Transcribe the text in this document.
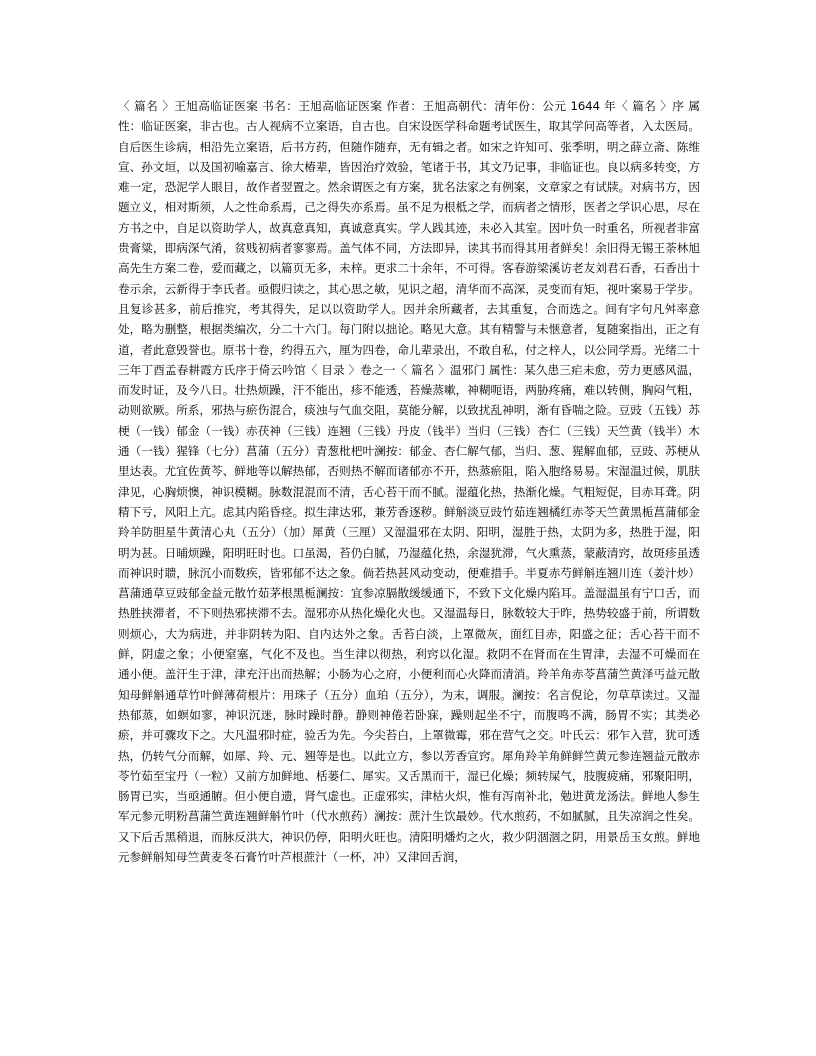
〈 篇名 〉王旭高临证医案 书名：王旭高临证医案 作者：王旭高朝代：清年份：公元 1644 年〈 篇名 〉序 属性：临证医案，非古也。古人视病不立案语，自古也。自宋设医学科命题考试医生，取其学问高等者，入太医局。自后医生诊病，相沿先立案语，后书方药，但随作随弃，无有辑之者。如宋之许知可、张季明，明之薛立斋、陈维宣、孙文垣，以及国初喻嘉言、徐大椿辈，皆因治疗效验，笔诸于书，其文乃记事，非临证也。良以病多转变，方难一定，恐泥学人眼目，故作者翌置之。然余谓医之有方案，犹名法家之有例案，文章家之有试牍。对病书方，因题立义，相对斯须，人之性命系焉，己之得失亦系焉。虽不足为根柢之学，而病者之情形，医者之学识心思，尽在方书之中，自足以资助学人，故真意真知，真诚意真实。学人践其迹，未必入其室。因叶负一时重名，所视者非富贵膏粱，即病深气淆，贫贱初病者寥寥焉。盖气体不同，方法即异，读其书而得其用者鲜矣！余旧得无锡王荼林旭高先生方案二卷，爱而藏之，以篇页无多，未梓。更求二十余年，不可得。客春游梁溪访老友刘君石香，石香出十卷示余，云新得于李氏者。亟假归读之，其心思之敏，见识之超，清华而不高深，灵变而有矩，视叶案易于学步。且复诊甚多，前后推究，考其得失，足以以资助学人。因并余所藏者，去其重复，合而选之。间有字句凡舛率意处，略为删整，根据类编次，分二十六门。每门附以拙论。略见大意。其有精警与未惬意者，复随案指出，正之有道，者此意毁誉也。原书十卷，约得五六，厘为四卷，命儿辈录出，不敢自私，付之梓人，以公同学焉。光绪二十三年丁酉孟春耕霞方氏序于倚云吟馆〈 目录 〉卷之一〈 篇名 〉温邪门 属性：某久患三疟未愈，劳力更感风温，而发时证，及今八日。壮热烦躁，汗不能出，疹不能透，苔燥蒸嗽，神糊呃语，两胁疼痛，难以转侧，胸闷气粗，动则欲厥。所系，邪热与瘀伤混合，痰浊与气血交阻，莫能分解，以致扰乱神明，渐有昏喘之险。豆豉（五钱）苏梗（一钱）郁金（一钱）赤茯神（三钱）连翘（三钱）丹皮（钱半）当归（三钱）杏仁（三钱）天竺黄（钱半）木通（一钱）猩锋（七分）菖蒲（五分）青葱枇杷叶澜按：郁金、杏仁解气郁，当归、葱、猩解血郁，豆豉、苏梗从里达表。尤宜佐黄芩、鲜地等以解热郁，否则热不解而诸郁亦不开，热蒸瘀阻，陷入胞络易易。宋湿温过候，肌肤津见，心胸烦懊，神识模糊。脉数混混而不清，舌心苔干而不腻。湿蕴化热，热渐化燥。气粗短促，目赤耳聋。阴精下亏，风阳上亢。虑其内陷昏痉。拟生津达邪，兼芳香逐秽。鲜斛淡豆豉竹茹连翘橘红赤苓天竺黄黑栀菖蒲郁金羚羊防胆星牛黄清心丸（五分）（加）犀黄（三厘）又湿温邪在太阴、阳明，湿胜于热，太阴为多，热胜于湿，阳明为甚。日晡烦躁，阳明旺时也。口虽渴，苔仍白腻，乃湿蕴化热，余湿犹滞，气火熏蒸，蒙蔽清窍，故斑疹虽透而神识时聩，脉沉小而数疾，皆邪郁不达之象。倘若热甚风动变动，便难措手。半夏赤芍鲜斛连翘川连（姜汁炒）菖蒲通草豆豉郁金益元散竹茹茅根黑栀澜按：宜参凉膈散缓缓通下，不致下文化燥内陷耳。盖湿温虽有宁口舌，而热胜挟滞者，不下则热邪挟滞不去。湿邪亦从热化燥化火也。又湿温每日，脉数较大于昨，热势较盛于前，所谓数则烦心，大为病进，并非阴转为阳、自内达外之象。舌苔白淡，上罩微灰，面红目赤，阳盛之征；舌心苔干而不鲜，阴虚之象；小便窒塞，气化不及也。当生津以彻热，利窍以化湿。救阴不在肾而在生胃津，去湿不可燥而在  通小便。盖汗生于津，津充汗出而热解；小肠为心之府，小便利而心火降而清消。羚羊角赤苓菖蒲竺黄泽丐益元散知母鲜斛通草竹叶鲜薄荷根片：用珠子（五分）血珀（五分），为末，调服。澜按：名言倪论，勿草草读过。又湿热郁蒸，如螟如寥，神识沉迷，脉时躁时静。静则神倦若卧寐，躁则起坐不宁，而腹鸣不满，肠胃不实；其类必瘀，并可骤攻下之。大凡温邪时症，验舌为先。今尖苔白，上罩微霉，邪在营气之交。叶氏云：邪乍入营，犹可透热，仍转气分而解，如犀、羚、元、翘等是也。以此立方，参以芳香宣窍。犀角羚羊角鲜鲜竺黄元参连翘益元散赤苓竹茹至宝丹（一粒）又前方加鲜地、栝蒌仁、犀实。又舌黑而干，湿已化燥；频转屎气，肢腹疲痛，邪聚阳明，肠胃已实，当亟通腑。但小便自遗，肾气虚也。正虚邪实，津枯火炽，惟有泻南补北，勉进黄龙汤法。鲜地人参生军元参元明粉菖蒲竺黄连翘鲜斛竹叶（代水煎药）澜按：蔗汁生饮最妙。代水煎药，不如腻腻，且失凉润之性矣。又下后舌黑稍退，而脉反洪大，神识仍停，阳明火旺也。清阳明燔灼之火，救少阴涸涸之阴，用景岳玉女煎。鲜地元参鲜斛知母竺黄麦冬石膏竹叶芦根蔗汁（一杯，冲）又津回舌润，
